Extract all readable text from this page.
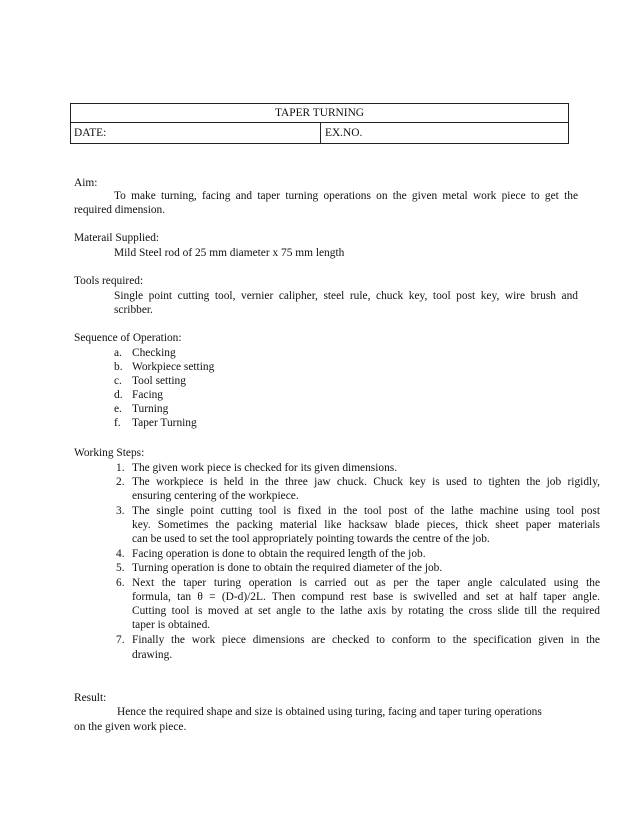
TAPER TURNING
DATE:	EX.NO.
Aim:
To make turning, facing and taper turning operations on the given metal work piece to get the
required dimension.
Materail Supplied:
Mild Steel rod of 25 mm diameter x 75 mm length
Tools required:
Single point cutting tool, vernier calipher, steel rule, chuck key, tool post key, wire brush and
scribber.
Sequence of Operation:
a. Checking
b. Workpiece setting
c. Tool setting
d. Facing
e. Turning
f. Taper Turning
Working Steps:
1. The given work piece is checked for its given dimensions.
2. The workpiece is held in the three jaw chuck. Chuck key is used to tighten the job rigidly,
ensuring centering of the workpiece.
3. The single point cutting tool is fixed in the tool post of the lathe machine using tool post
key. Sometimes the packing material like hacksaw blade pieces, thick sheet paper materials
can be used to set the tool appropriately pointing towards the centre of the job.
4. Facing operation is done to obtain the required length of the job.
5. Turning operation is done to obtain the required diameter of the job.
6. Next the taper turing operation is carried out as per the taper angle calculated using the
formula, tan θ = (D-d)/2L. Then compund rest base is swivelled and set at half taper angle.
Cutting tool is moved at set angle to the lathe axis by rotating the cross slide till the required
taper is obtained.
7. Finally the work piece dimensions are checked to conform to the specification given in the
drawing.
Result:
Hence the required shape and size is obtained using turing, facing and taper turing operations
on the given work piece.
